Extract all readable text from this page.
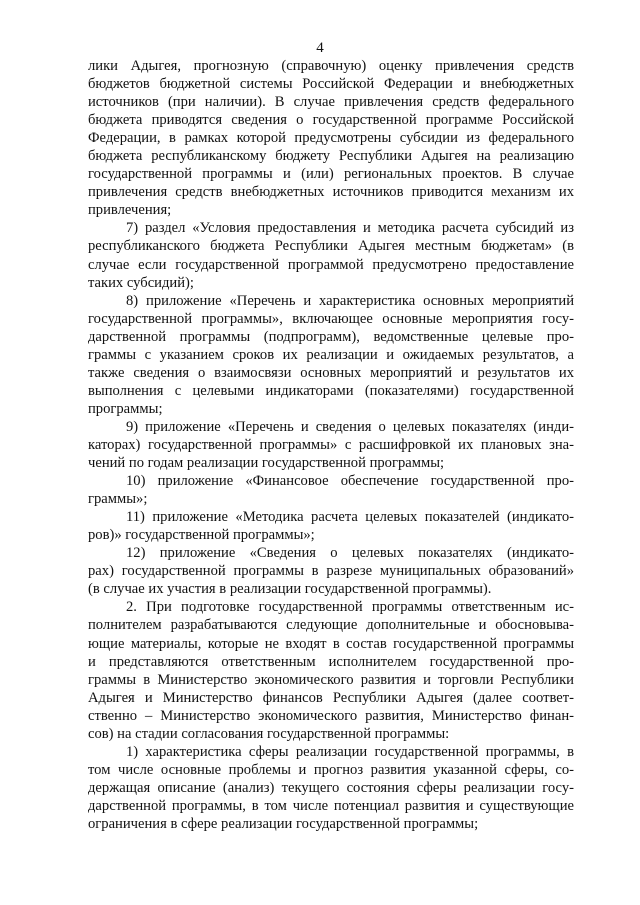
4
лики Адыгея, прогнозную (справочную) оценку привлечения средств
бюджетов бюджетной системы Российской Федерации и внебюджетных
источников (при наличии). В случае привлечения средств федерального
бюджета приводятся сведения о государственной программе Российской
Федерации, в рамках которой предусмотрены субсидии из федерального
бюджета республиканскому бюджету Республики Адыгея на реализацию
государственной программы и (или) региональных проектов. В случае
привлечения средств внебюджетных источников приводится механизм их
привлечения;
7) раздел «Условия предоставления и методика расчета субсидий из
республиканского бюджета Республики Адыгея местным бюджетам» (в
случае если государственной программой предусмотрено предоставление
таких субсидий);
8) приложение «Перечень и характеристика основных мероприятий
государственной программы», включающее основные мероприятия госу-
дарственной программы (подпрограмм), ведомственные целевые про-
граммы с указанием сроков их реализации и ожидаемых результатов, а
также сведения о взаимосвязи основных мероприятий и результатов их
выполнения с целевыми индикаторами (показателями) государственной
программы;
9) приложение «Перечень и сведения о целевых показателях (инди-
каторах) государственной программы» с расшифровкой их плановых зна-
чений по годам реализации государственной программы;
10) приложение «Финансовое обеспечение государственной про-
граммы»;
11) приложение «Методика расчета целевых показателей (индикато-
ров)» государственной программы»;
12) приложение «Сведения о целевых показателях (индикато-
рах) государственной программы в разрезе муниципальных образований»
(в случае их участия в реализации государственной программы).
2. При подготовке государственной программы ответственным ис-
полнителем разрабатываются следующие дополнительные и обосновыва-
ющие материалы, которые не входят в состав государственной программы
и представляются ответственным исполнителем государственной про-
граммы в Министерство экономического развития и торговли Республики
Адыгея и Министерство финансов Республики Адыгея (далее соответ-
ственно – Министерство экономического развития, Министерство финан-
сов) на стадии согласования государственной программы:
1) характеристика сферы реализации государственной программы, в
том числе основные проблемы и прогноз развития указанной сферы, со-
держащая описание (анализ) текущего состояния сферы реализации госу-
дарственной программы, в том числе потенциал развития и существующие
ограничения в сфере реализации государственной программы;
